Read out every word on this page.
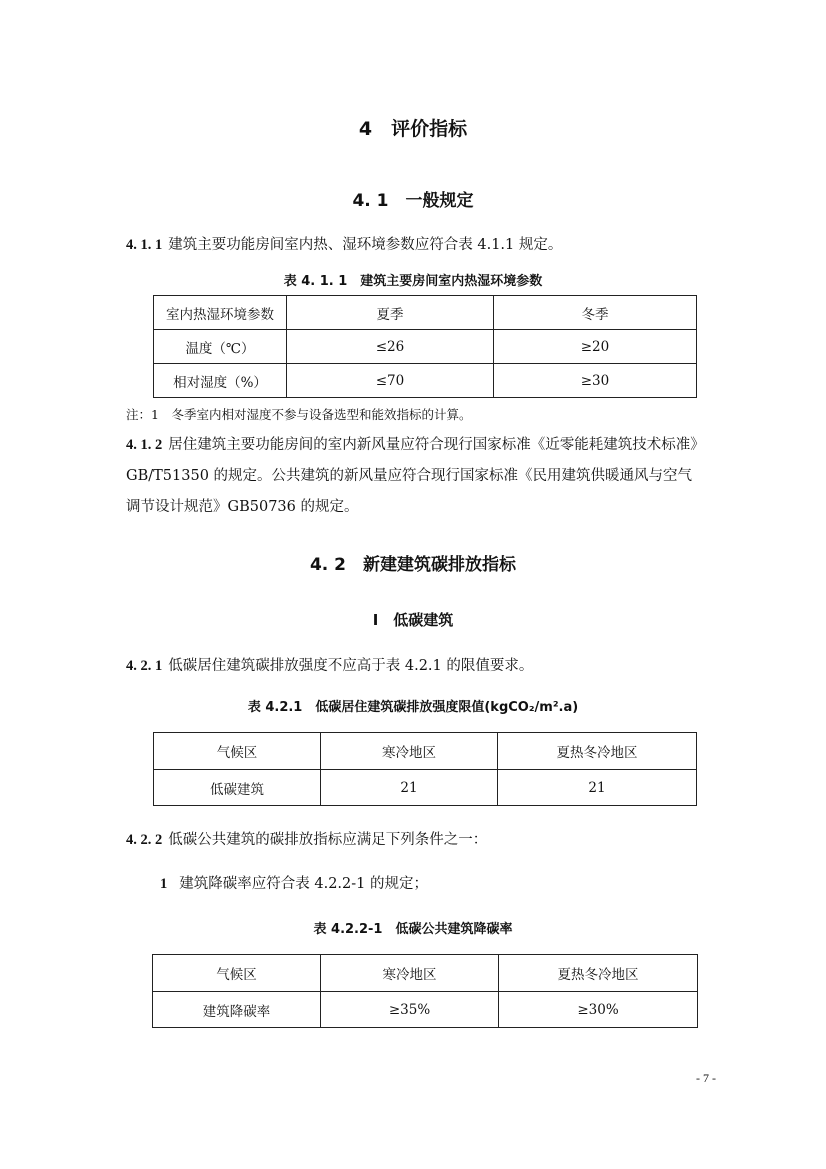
4　评价指标
4. 1　一般规定
4. 1. 1 建筑主要功能房间室内热、湿环境参数应符合表 4.1.1 规定。
表 4. 1. 1　建筑主要房间室内热湿环境参数
室内热湿环境参数	夏季	冬季
温度（℃）	≤26	≥20
相对湿度（%）	≤70	≥30
注：1　冬季室内相对湿度不参与设备选型和能效指标的计算。
4. 1. 2 居住建筑主要功能房间的室内新风量应符合现行国家标准《近零能耗建筑技术标准》GB/T51350 的规定。公共建筑的新风量应符合现行国家标准《民用建筑供暖通风与空气调节设计规范》GB50736 的规定。
4. 2　新建建筑碳排放指标
I　低碳建筑
4. 2. 1 低碳居住建筑碳排放强度不应高于表 4.2.1 的限值要求。
表 4.2.1　低碳居住建筑碳排放强度限值(kgCO₂/m².a)
气候区	寒冷地区	夏热冬冷地区
低碳建筑	21	21
4. 2. 2 低碳公共建筑的碳排放指标应满足下列条件之一：
1 建筑降碳率应符合表 4.2.2-1 的规定；
表 4.2.2-1　低碳公共建筑降碳率
气候区	寒冷地区	夏热冬冷地区
建筑降碳率	≥35%	≥30%
- 7 -
